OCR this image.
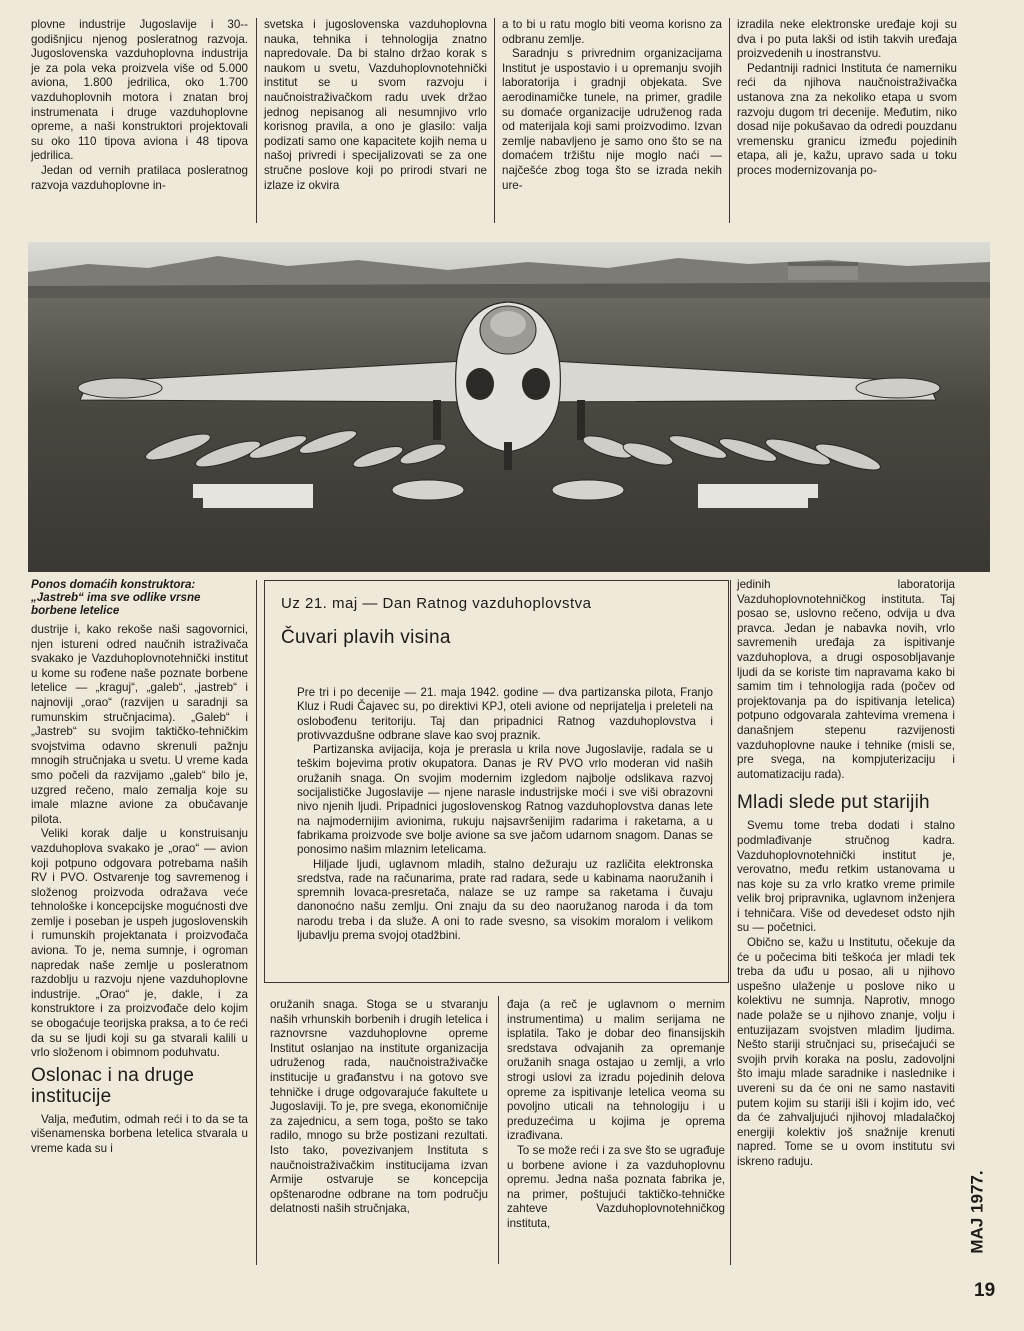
plovne industrije Jugoslavije i 30--godišnjicu njenog posleratnog razvoja. Jugoslovenska vazduhoplovna industrija je za pola veka proizvela više od 5.000 aviona, 1.800 jedrilica, oko 1.700 vazduhoplovnih motora i znatan broj instrumenata i druge vazduhoplovne opreme, a naši konstruktori projektovali su oko 110 tipova aviona i 48 tipova jedrilica.

Jedan od vernih pratilaca posleratnog razvoja vazduhoplovne in-

svetska i jugoslovenska vazduhoplovna nauka, tehnika i tehnologija znatno napredovale. Da bi stalno držao korak s naukom u svetu, Vazduhoplovnotehnički institut se u svom razvoju i naučnoistraživačkom radu uvek držao jednog nepisanog ali nesumnjivo vrlo korisnog pravila, a ono je glasilo: valja podizati samo one kapacitete kojih nema u našoj privredi i specijalizovati se za one stručne poslove koji po prirodi stvari ne izlaze iz okvira

a to bi u ratu moglo biti veoma korisno za odbranu zemlje.

Saradnju s privrednim organizacijama Institut je uspostavio i u opremanju svojih laboratorija i gradnji objekata. Sve aerodinamičke tunele, na primer, gradile su domaće organizacije udruženog rada od materijala koji sami proizvodimo. Izvan zemlje nabavljeno je samo ono što se na domaćem tržištu nije moglo naći — najčešće zbog toga što se izrada nekih ure-

izradila neke elektronske uređaje koji su dva i po puta lakši od istih takvih uređaja proizvedenih u inostranstvu.

Pedantniji radnici Instituta će namerniku reći da njihova naučnoistraživačka ustanova zna za nekoliko etapa u svom razvoju dugom tri decenije. Međutim, niko dosad nije pokušavao da odredi pouzdanu vremensku granicu između pojedinih etapa, ali je, kažu, upravo sada u toku proces modernizovanja po-

Ponos domaćih konstruktora:
„Jastreb“ ima sve odlike vrsne borbene letelice

dustrije i, kako rekoše naši sagovornici, njen istureni odred naučnih istraživača svakako je Vazduhoplovnotehnički institut u kome su rođene naše poznate borbene letelice — „kraguj“, „galeb“, „jastreb“ i najnoviji „orao“ (razvijen u saradnji sa rumunskim stručnjacima). „Galeb“ i „Jastreb“ su svojim taktičko-tehničkim svojstvima odavno skrenuli pažnju mnogih stručnjaka u svetu. U vreme kada smo počeli da razvijamo „galeb“ bilo je, uzgred rečeno, malo zemalja koje su imale mlazne avione za obučavanje pilota.

Veliki korak dalje u konstruisanju vazduhoplova svakako je „orao“ — avion koji potpuno odgovara potrebama naših RV i PVO. Ostvarenje tog savremenog i složenog proizvoda odražava veće tehnološke i koncepcijske mogućnosti dve zemlje i poseban je uspeh jugoslovenskih i rumunskih projektanata i proizvođača aviona. To je, nema sumnje, i ogroman napredak naše zemlje u posleratnom razdoblju u razvoju njene vazduhoplovne industrije. „Orao“ je, dakle, i za konstruktore i za proizvođače delo kojim se obogaćuje teorijska praksa, a to će reći da su se ljudi koji su ga stvarali kalili u vrlo složenom i obimnom poduhvatu.

Oslonac i na druge institucije

Valja, međutim, odmah reći i to da se ta višenamenska borbena letelica stvarala u vreme kada su i

Uz 21. maj — Dan Ratnog vazduhoplovstva
Čuvari plavih visina

Pre tri i po decenije — 21. maja 1942. godine — dva partizanska pilota, Franjo Kluz i Rudi Čajavec su, po direktivi KPJ, oteli avione od neprijatelja i preleteli na oslobođenu teritoriju. Taj dan pripadnici Ratnog vazduhoplovstva i protivvazdušne odbrane slave kao svoj praznik.

Partizanska avijacija, koja je prerasla u krila nove Jugoslavije, radala se u teškim bojevima protiv okupatora. Danas je RV PVO vrlo moderan vid naših oružanih snaga. On svojim modernim izgledom najbolje odslikava razvoj socijalističke Jugoslavije — njene narasle industrijske moći i sve viši obrazovni nivo njenih ljudi. Pripadnici jugoslovenskog Ratnog vazduhoplovstva danas lete na najmodernijim avionima, rukuju najsavršenijim radarima i raketama, a u fabrikama proizvode sve bolje avione sa sve jačom udarnom snagom. Danas se ponosimo našim mlaznim letelicama.

Hiljade ljudi, uglavnom mladih, stalno dežuraju uz različita elektronska sredstva, rade na računarima, prate rad radara, sede u kabinama naoružanih i spremnih lovaca-presretača, nalaze se uz rampe sa raketama i čuvaju danonoćno našu zemlju. Oni znaju da su deo naoružanog naroda i da tom narodu treba i da služe. A oni to rade svesno, sa visokim moralom i velikom ljubavlju prema svojoj otadžbini.

oružanih snaga. Stoga se u stvaranju naših vrhunskih borbenih i drugih letelica i raznovrsne vazduhoplovne opreme Institut oslanjao na institute organizacija udruženog rada, naučnoistraživačke institucije u građanstvu i na gotovo sve tehničke i druge odgovarajuće fakultete u Jugoslaviji. To je, pre svega, ekonomičnije za zajednicu, a sem toga, pošto se tako radilo, mnogo su brže postizani rezultati. Isto tako, povezivanjem Instituta s naučnoistraživačkim institucijama izvan Armije ostvaruje se koncepcija opštenarodne odbrane na tom području delatnosti naših stručnjaka,

đaja (a reč je uglavnom o mernim instrumentima) u malim serijama ne isplatila. Tako je dobar deo finansijskih sredstava odvajanih za opremanje oružanih snaga ostajao u zemlji, a vrlo strogi uslovi za izradu pojedinih delova opreme za ispitivanje letelica veoma su povoljno uticali na tehnologiju i u preduzećima u kojima je oprema izrađivana.

To se može reći i za sve što se ugrađuje u borbene avione i za vazduhoplovnu opremu. Jedna naša poznata fabrika je, na primer, poštujući taktičko-tehničke zahteve Vazduhoplovnotehničkog instituta,

jedinih laboratorija Vazduhoplovnotehničkog instituta. Taj posao se, uslovno rečeno, odvija u dva pravca. Jedan je nabavka novih, vrlo savremenih uređaja za ispitivanje vazduhoplova, a drugi osposobljavanje ljudi da se koriste tim napravama kako bi samim tim i tehnologija rada (počev od projektovanja pa do ispitivanja letelica) potpuno odgovarala zahtevima vremena i današnjem stepenu razvijenosti vazduhoplovne nauke i tehnike (misli se, pre svega, na kompjuterizaciju i automatizaciju rada).

Mladi slede put starijih

Svemu tome treba dodati i stalno podmlađivanje stručnog kadra. Vazduhoplovnotehnički institut je, verovatno, među retkim ustanovama u nas koje su za vrlo kratko vreme primile velik broj pripravnika, uglavnom inženjera i tehničara. Više od devedeset odsto njih su — početnici.

Obično se, kažu u Institutu, očekuje da će u počecima biti teškoća jer mladi tek treba da uđu u posao, ali u njihovo uspešno ulaženje u poslove niko u kolektivu ne sumnja. Naprotiv, mnogo nade polaže se u njihovo znanje, volju i entuzijazam svojstven mladim ljudima. Nešto stariji stručnjaci su, prisećajući se svojih prvih koraka na poslu, zadovoljni što imaju mlade saradnike i naslednike i uvereni su da će oni ne samo nastaviti putem kojim su stariji išli i kojim ido, već da će zahvaljujući njihovoj mladalačkoj energiji kolektiv još snažnije krenuti napred. Tome se u ovom institutu svi iskreno raduju.

MAJ 1977.
19
